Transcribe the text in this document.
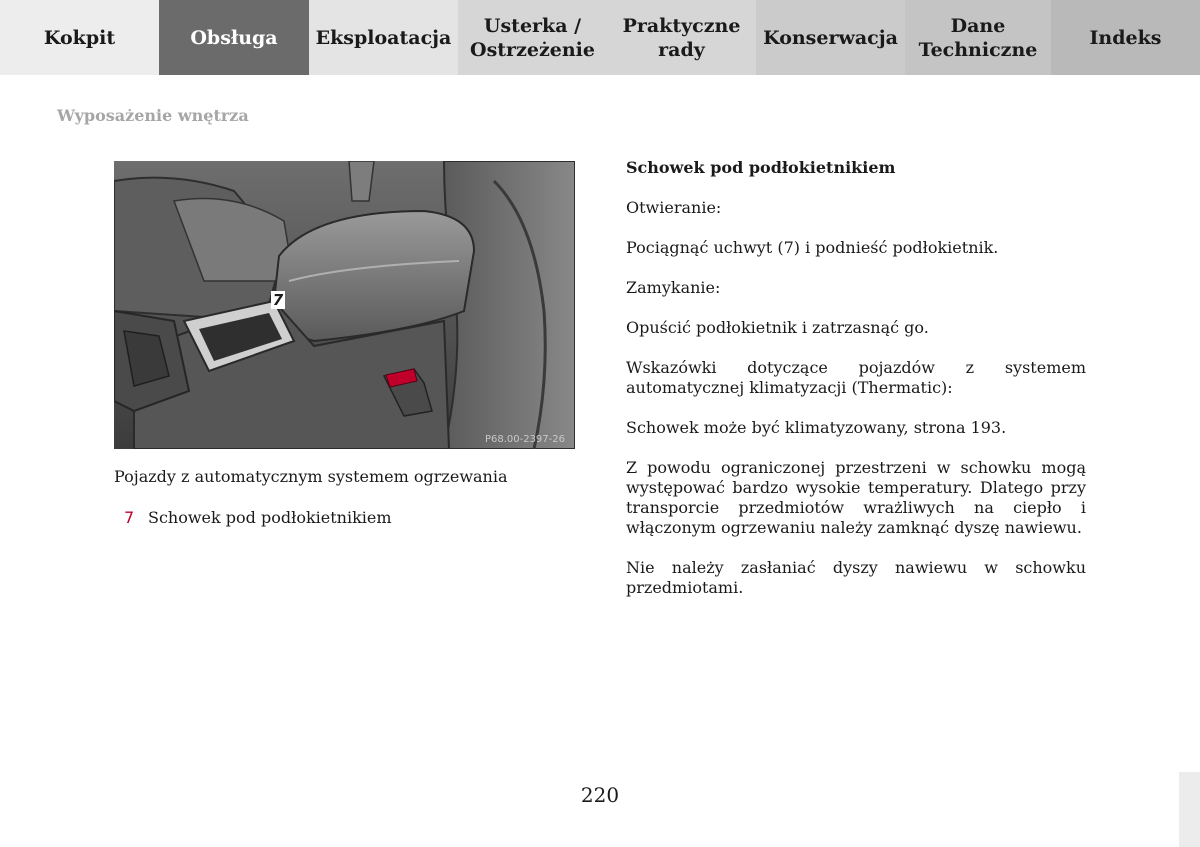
Kokpit	Obsługa Eksploatacja
Usterka /
Ostrzeżenie
Praktyczne
rady
Konserwacja
Dane
Techniczne
Indeks
Wyposażenie wnętrza
7
P68.00-2397-26
Pojazdy z automatycznym systemem ogrzewania
7 Schowek pod podłokietnikiem

Schowek pod podłokietnikiem

Otwieranie:

Pociągnąć uchwyt (7) i podnieść podłokietnik.

Zamykanie:

Opuścić podłokietnik i zatrzasnąć go.

Wskazówki dotyczące pojazdów z systemem automatycznej klimatyzacji (Thermatic):

Schowek może być klimatyzowany, strona 193.

Z powodu ograniczonej przestrzeni w schowku mogą występować bardzo wysokie temperatury. Dlatego przy transporcie przedmiotów wrażliwych na ciepło i włączonym ogrzewaniu należy zamknąć dyszę nawiewu.

Nie należy zasłaniać dyszy nawiewu w schowku przedmiotami.

220
